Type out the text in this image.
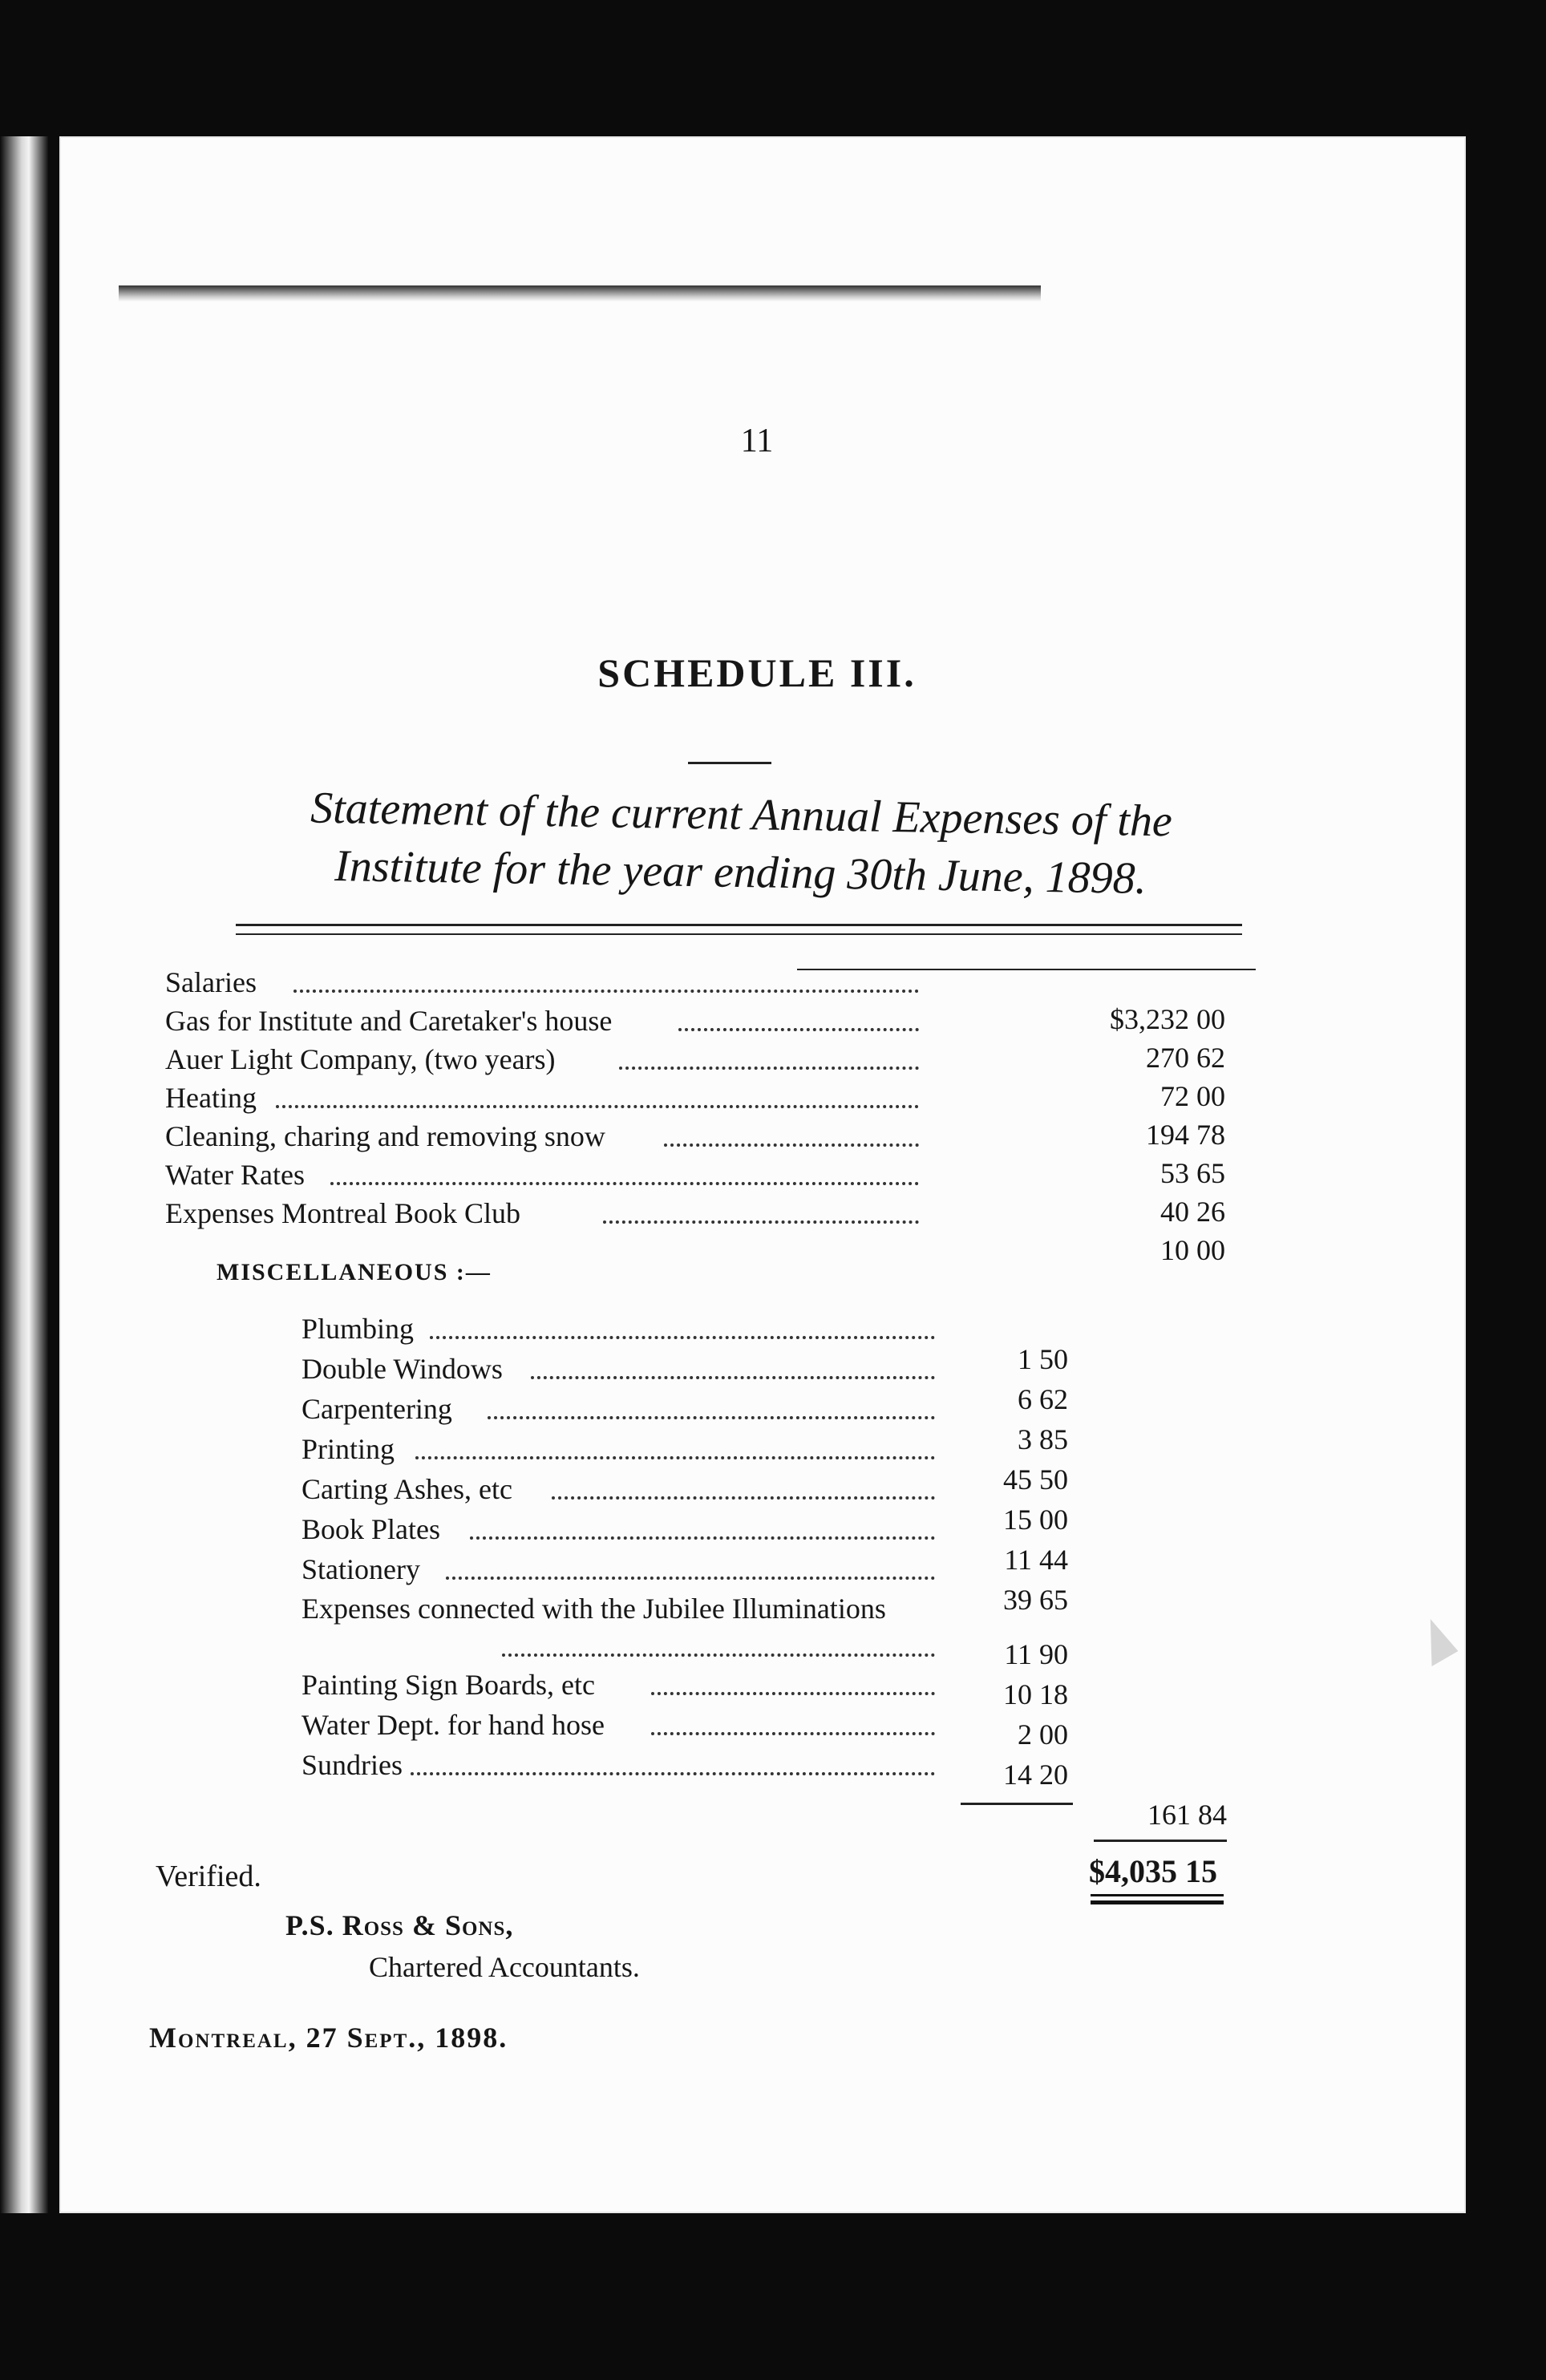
11
SCHEDULE III.
Statement of the current Annual Expenses of the
Institute for the year ending 30th June, 1898.
Salaries
Gas for Institute and Caretaker's house
Auer Light Company, (two years)
Heating
Cleaning, charing and removing snow
Water Rates
Expenses Montreal Book Club
$3,232 00
270 62
72 00
194 78
53 65
40 26
10 00
MISCELLANEOUS :—
Plumbing
Double Windows
Carpentering
Printing
Carting Ashes, etc
Book Plates
Stationery
Expenses connected with the Jubilee Illuminations
Painting Sign Boards, etc
Water Dept. for hand hose
Sundries
1 50
6 62
3 85
45 50
15 00
11 44
39 65
11 90
10 18
2 00
14 20
161 84
$4,035 15
Verified.
P.S. Ross & Sons,
Chartered Accountants.
Montreal, 27 Sept., 1898.
